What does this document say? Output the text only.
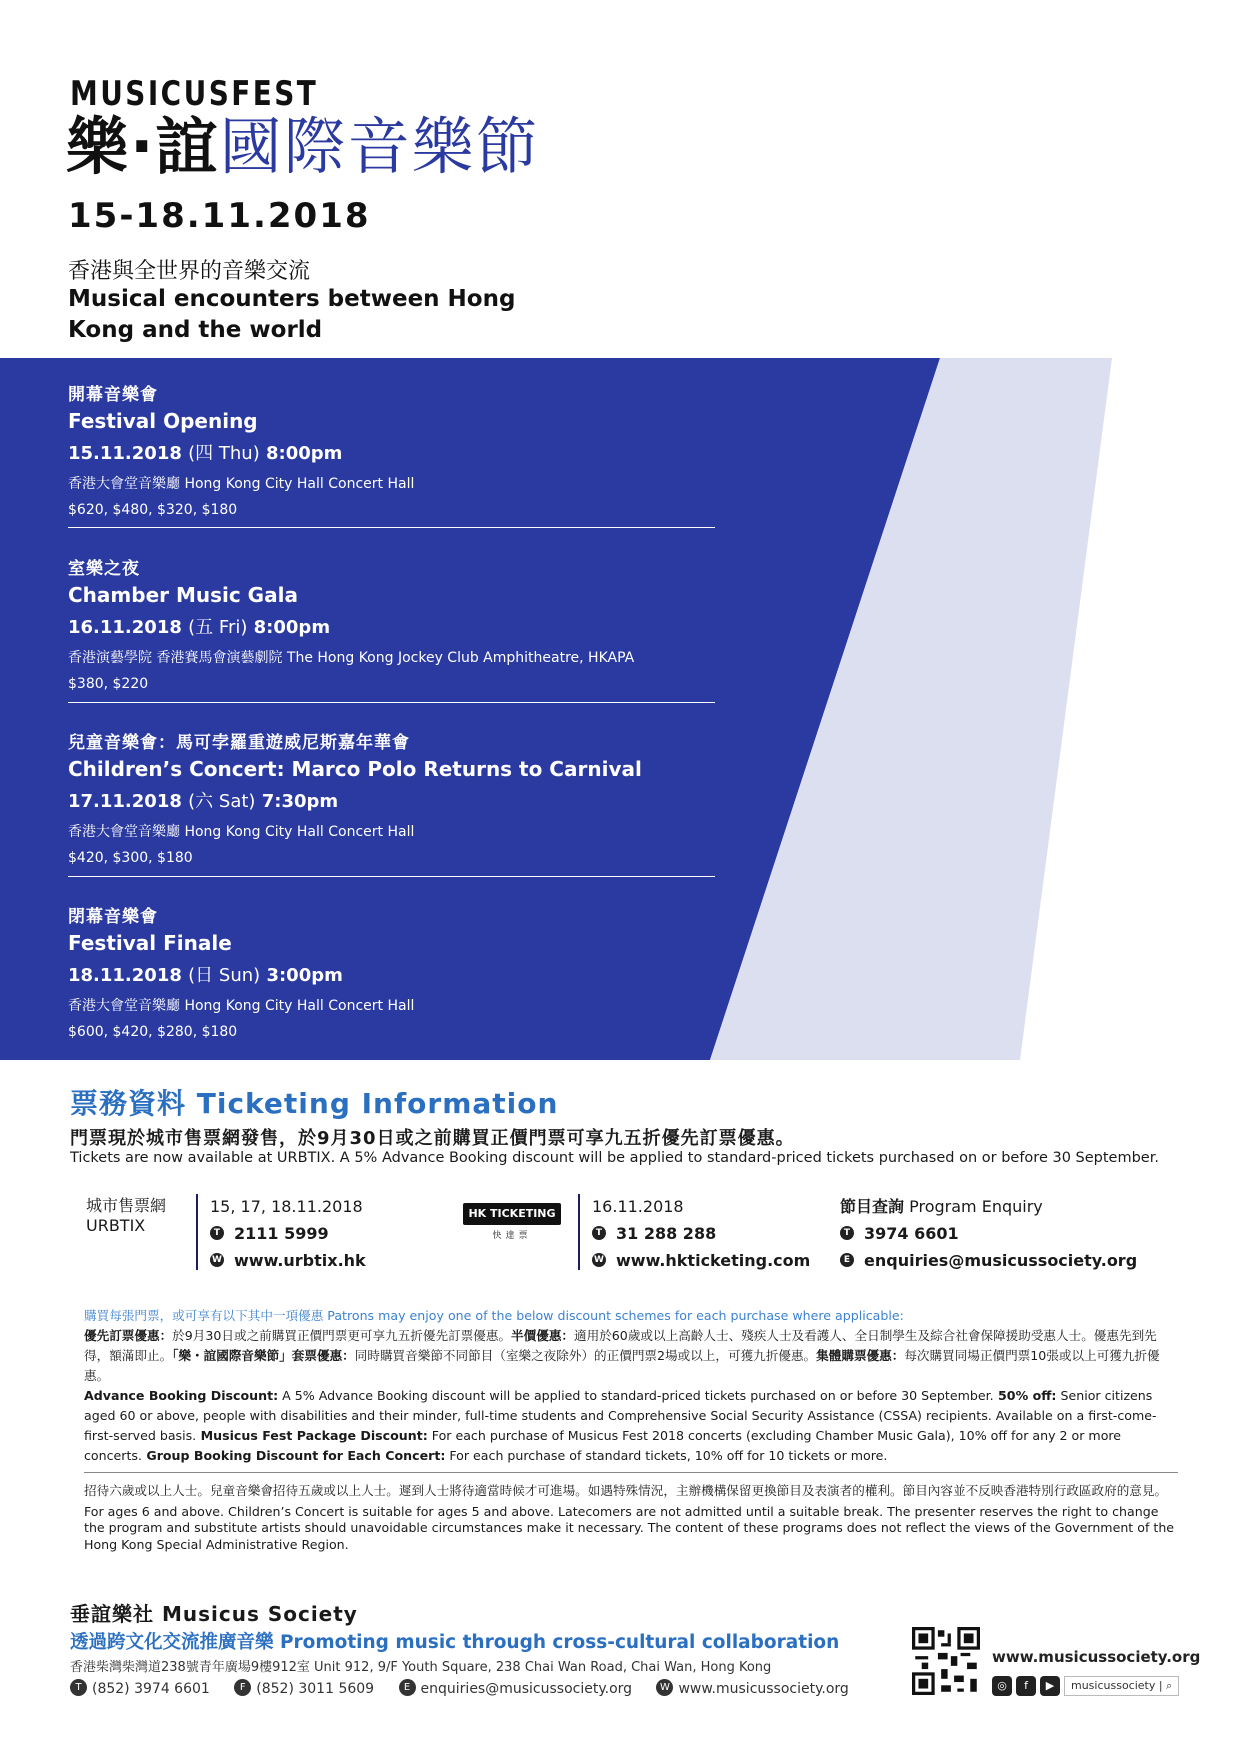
MUSICUSFEST
樂·誼國際音樂節
15-18.11.2018
香港與全世界的音樂交流
Musical encounters between Hong Kong and the world
開幕音樂會
Festival Opening
15.11.2018 (四 Thu) 8:00pm
香港大會堂音樂廳 Hong Kong City Hall Concert Hall
$620, $480, $320, $180
室樂之夜
Chamber Music Gala
16.11.2018 (五 Fri) 8:00pm
香港演藝學院 香港賽馬會演藝劇院 The Hong Kong Jockey Club Amphitheatre, HKAPA
$380, $220
兒童音樂會：馬可孛羅重遊威尼斯嘉年華會
Children’s Concert: Marco Polo Returns to Carnival
17.11.2018 (六 Sat) 7:30pm
香港大會堂音樂廳 Hong Kong City Hall Concert Hall
$420, $300, $180
閉幕音樂會
Festival Finale
18.11.2018 (日 Sun) 3:00pm
香港大會堂音樂廳 Hong Kong City Hall Concert Hall
$600, $420, $280, $180
票務資料 Ticketing Information
門票現於城市售票網發售，於9月30日或之前購買正價門票可享九五折優先訂票優惠。
Tickets are now available at URBTIX. A 5% Advance Booking discount will be applied to standard-priced tickets purchased on or before 30 September.
城市售票網
URBTIX
15, 17, 18.11.2018
T 2111 5999
W www.urbtix.hk
HK TICKETING
快達票
16.11.2018
T 31 288 288
W www.hkticketing.com
節目查詢 Program Enquiry
T 3974 6601
E enquiries@musicussociety.org
購買每張門票，或可享有以下其中一項優惠 Patrons may enjoy one of the below discount schemes for each purchase where applicable:
優先訂票優惠：於9月30日或之前購買正價門票更可享九五折優先訂票優惠。半價優惠：適用於60歲或以上高齡人士、殘疾人士及看護人、全日制學生及綜合社會保障援助受惠人士。優惠先到先得，額滿即止。「樂・誼國際音樂節」套票優惠：同時購買音樂節不同節目（室樂之夜除外）的正價門票2場或以上，可獲九折優惠。集體購票優惠：每次購買同場正價門票10張或以上可獲九折優惠。
Advance Booking Discount: A 5% Advance Booking discount will be applied to standard-priced tickets purchased on or before 30 September. 50% off: Senior citizens aged 60 or above, people with disabilities and their minder, full-time students and Comprehensive Social Security Assistance (CSSA) recipients. Available on a first-come-first-served basis. Musicus Fest Package Discount: For each purchase of Musicus Fest 2018 concerts (excluding Chamber Music Gala), 10% off for any 2 or more concerts. Group Booking Discount for Each Concert: For each purchase of standard tickets, 10% off for 10 tickets or more.
招待六歲或以上人士。兒童音樂會招待五歲或以上人士。遲到人士將待適當時候才可進場。如遇特殊情況，主辦機構保留更換節目及表演者的權利。節目內容並不反映香港特別行政區政府的意見。
For ages 6 and above. Children’s Concert is suitable for ages 5 and above. Latecomers are not admitted until a suitable break. The presenter reserves the right to change the program and substitute artists should unavoidable circumstances make it necessary. The content of these programs does not reflect the views of the Government of the Hong Kong Special Administrative Region.
垂誼樂社 Musicus Society
透過跨文化交流推廣音樂 Promoting music through cross-cultural collaboration
香港柴灣柴灣道238號青年廣場9樓912室 Unit 912, 9/F Youth Square, 238 Chai Wan Road, Chai Wan, Hong Kong
T (852) 3974 6601	F (852) 3011 5609	E enquiries@musicussociety.org	W www.musicussociety.org
www.musicussociety.org
◎ f ▶ musicussociety | ⌕
